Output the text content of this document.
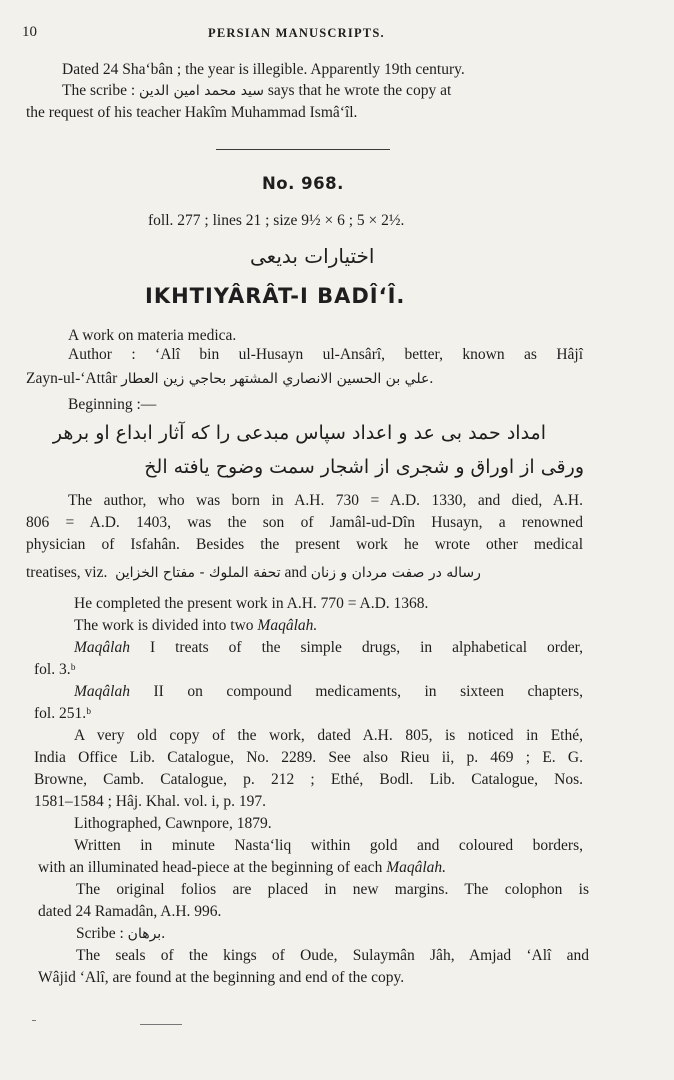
10	PERSIAN MANUSCRIPTS.
Dated 24 Sha‘bân ; the year is illegible. Apparently 19th century.
The scribe : سید محمد امین الدین says that he wrote the copy at
the request of his teacher Hakîm Muhammad Ismâ‘îl.
No. 968.
foll. 277 ; lines 21 ; size 9½ × 6 ; 5 × 2½.
اختیارات بدیعی
IKHTIYÂRÂT-I BADÎ‘Î.
A work on materia medica.
Author : ‘Alî bin ul-Husayn ul-Ansârî, better, known as Hâjî
Zayn-ul-‘Attâr علي بن الحسين الانصاري المشتهر بحاجي زين العطار.
Beginning :—
امداد حمد بی عد و اعداد سپاس مبدعی را که آثار ابداع او برهر
ورقی از اوراق و شجری از اشجار سمت وضوح یافته الخ
The author, who was born in A.H. 730 = A.D. 1330, and died, A.H.
806 = A.D. 1403, was the son of Jamâl-ud-Dîn Husayn, a renowned
physician of Isfahân. Besides the present work he wrote other medical
treatises, viz. تحفة الملوك - مفتاح الخزاين and رساله در صفت مردان و زنان
He completed the present work in A.H. 770 = A.D. 1368.
The work is divided into two Maqâlah.
Maqâlah I treats of the simple drugs, in alphabetical order,
fol. 3.ᵇ
Maqâlah II on compound medicaments, in sixteen chapters,
fol. 251.ᵇ
A very old copy of the work, dated A.H. 805, is noticed in Ethé,
India Office Lib. Catalogue, No. 2289. See also Rieu ii, p. 469 ; E. G.
Browne, Camb. Catalogue, p. 212 ; Ethé, Bodl. Lib. Catalogue, Nos.
1581–1584 ; Hâj. Khal. vol. i, p. 197.
Lithographed, Cawnpore, 1879.
Written in minute Nasta‘liq within gold and coloured borders,
with an illuminated head-piece at the beginning of each Maqâlah.
The original folios are placed in new margins. The colophon is
dated 24 Ramadân, A.H. 996.
Scribe : برهان.
The seals of the kings of Oude, Sulaymân Jâh, Amjad ‘Alî and
Wâjid ‘Alî, are found at the beginning and end of the copy.
